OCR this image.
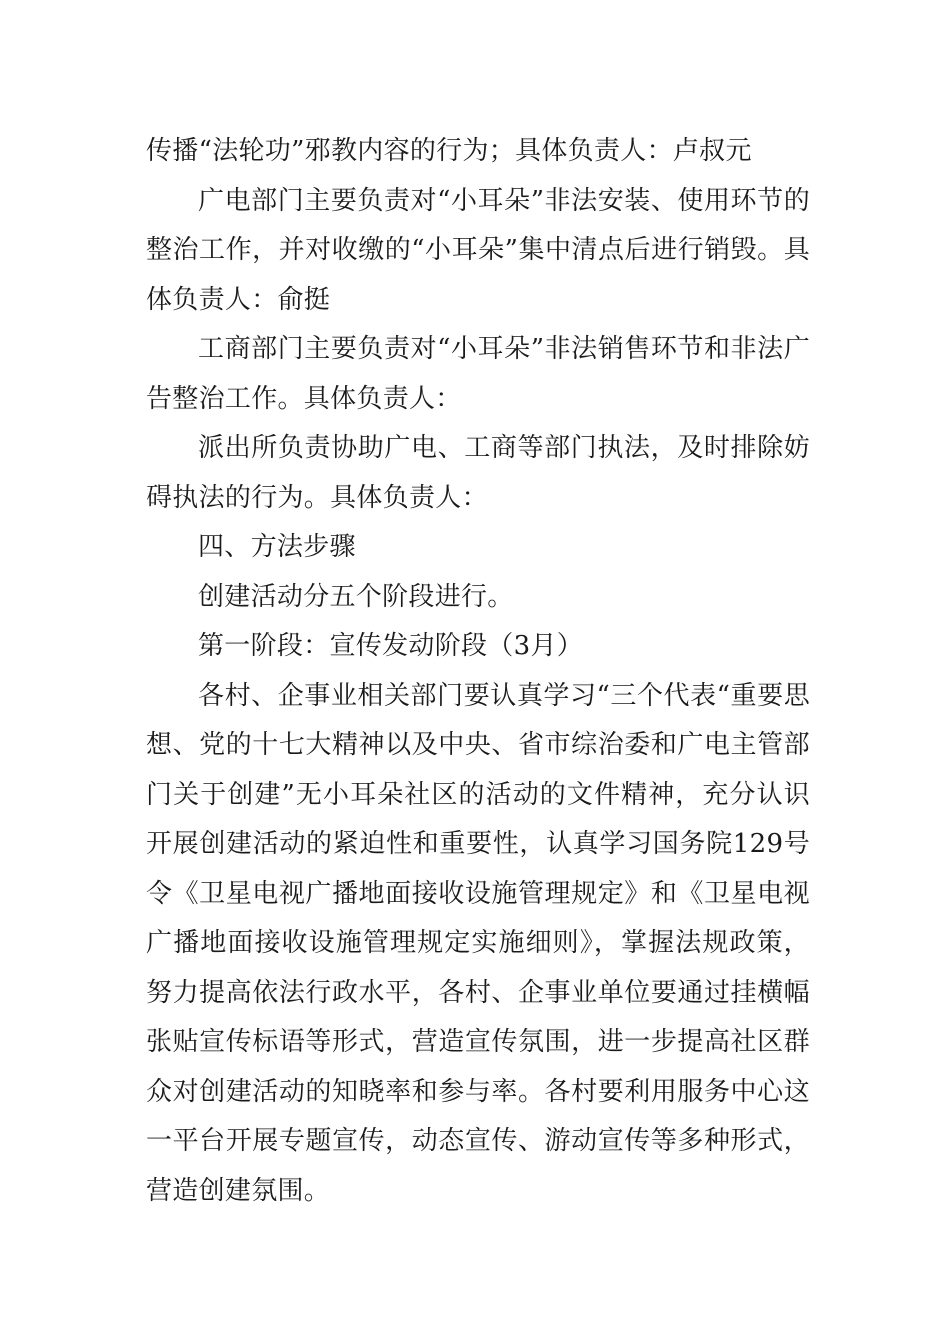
传播“法轮功”邪教内容的行为；具体负责人：卢叔元

广电部门主要负责对“小耳朵”非法安装、使用环节的整治工作，并对收缴的“小耳朵”集中清点后进行销毁。具体负责人：俞挺

工商部门主要负责对“小耳朵”非法销售环节和非法广告整治工作。具体负责人：

派出所负责协助广电、工商等部门执法，及时排除妨碍执法的行为。具体负责人：

四、方法步骤

创建活动分五个阶段进行。

第一阶段：宣传发动阶段（3月）

各村、企事业相关部门要认真学习“三个代表“重要思想、党的十七大精神以及中央、省市综治委和广电主管部门关于创建”无小耳朵社区的活动的文件精神，充分认识开展创建活动的紧迫性和重要性，认真学习国务院129号令《卫星电视广播地面接收设施管理规定》和《卫星电视广播地面接收设施管理规定实施细则》，掌握法规政策，努力提高依法行政水平，各村、企事业单位要通过挂横幅张贴宣传标语等形式，营造宣传氛围，进一步提高社区群众对创建活动的知晓率和参与率。各村要利用服务中心这一平台开展专题宣传，动态宣传、游动宣传等多种形式，营造创建氛围。
